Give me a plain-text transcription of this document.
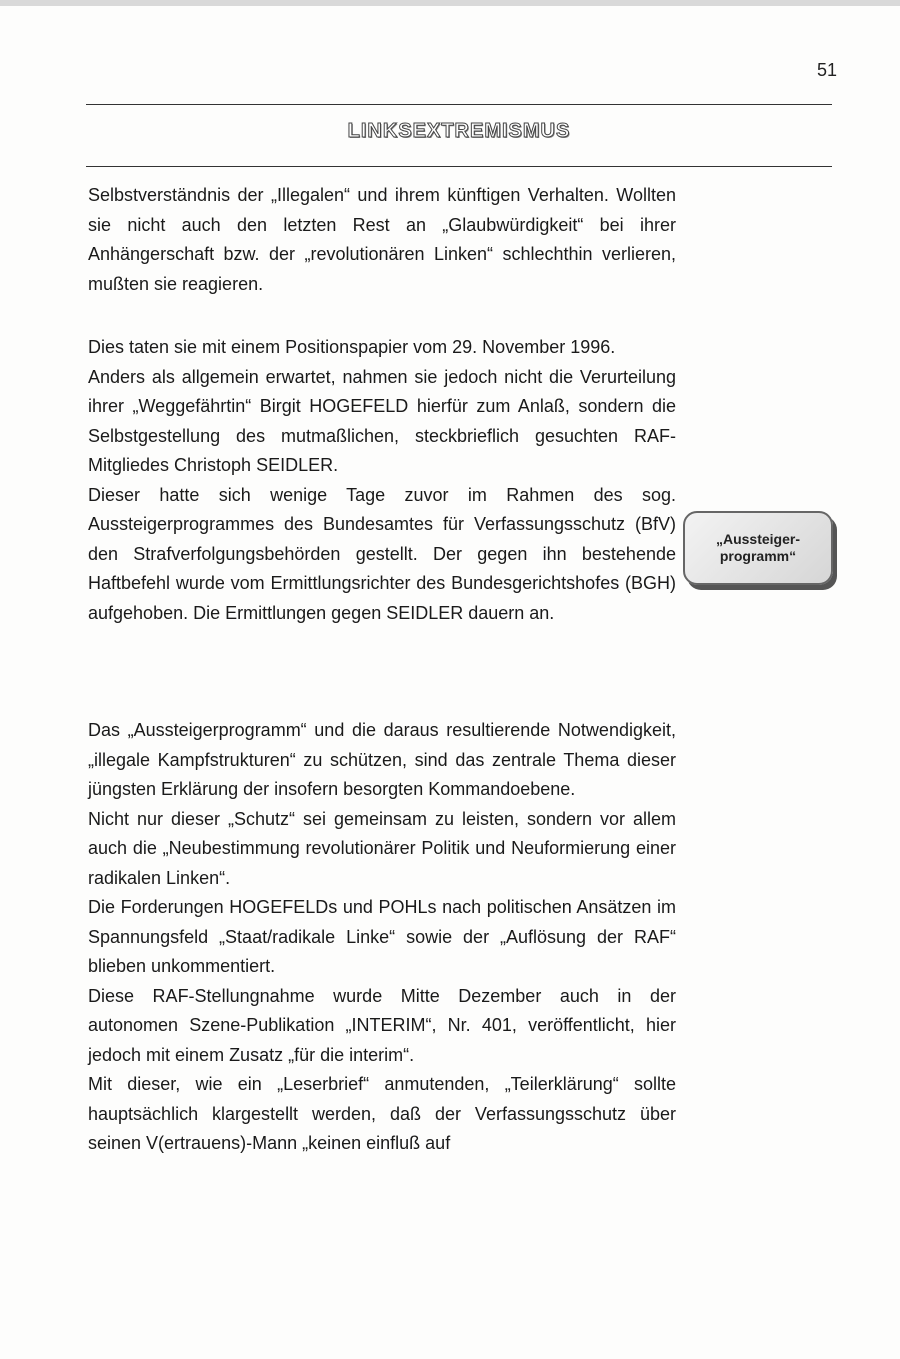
51
LINKSEXTREMISMUS

Selbstverständnis der „Illegalen“ und ihrem künftigen Verhalten. Wollten sie nicht auch den letzten Rest an „Glaubwürdigkeit“ bei ihrer Anhängerschaft bzw. der „revolutionären Linken“ schlechthin verlieren, mußten sie reagieren.

Dies taten sie mit einem Positionspapier vom 29. November 1996.

Anders als allgemein erwartet, nahmen sie jedoch nicht die Verurteilung ihrer „Weggefährtin“ Birgit HOGEFELD hierfür zum Anlaß, sondern die Selbstgestellung des mutmaßlichen, steckbrieflich gesuchten RAF-Mitgliedes Christoph SEIDLER.

Dieser hatte sich wenige Tage zuvor im Rahmen des sog. Aussteigerprogrammes des Bundesamtes für Verfassungsschutz (BfV) den Strafverfolgungsbehörden gestellt. Der gegen ihn bestehende Haftbefehl wurde vom Ermittlungsrichter des Bundesgerichtshofes (BGH) aufgehoben. Die Ermittlungen gegen SEIDLER dauern an.

„Aussteiger-
programm“

Das „Aussteigerprogramm“ und die daraus resultierende Notwendigkeit, „illegale Kampfstrukturen“ zu schützen, sind das zentrale Thema dieser jüngsten Erklärung der insofern besorgten Kommandoebene.

Nicht nur dieser „Schutz“ sei gemeinsam zu leisten, sondern vor allem auch die „Neubestimmung revolutionärer Politik und Neuformierung einer radikalen Linken“.

Die Forderungen HOGEFELDs und POHLs nach politischen Ansätzen im Spannungsfeld „Staat/radikale Linke“ sowie der „Auflösung der RAF“ blieben unkommentiert.

Diese RAF-Stellungnahme wurde Mitte Dezember auch in der autonomen Szene-Publikation „INTERIM“, Nr. 401, veröffentlicht, hier jedoch mit einem Zusatz „für die interim“.

Mit dieser, wie ein „Leserbrief“ anmutenden, „Teilerklärung“ sollte hauptsächlich klargestellt werden, daß der Verfassungsschutz über seinen V(ertrauens)-Mann „keinen einfluß auf
